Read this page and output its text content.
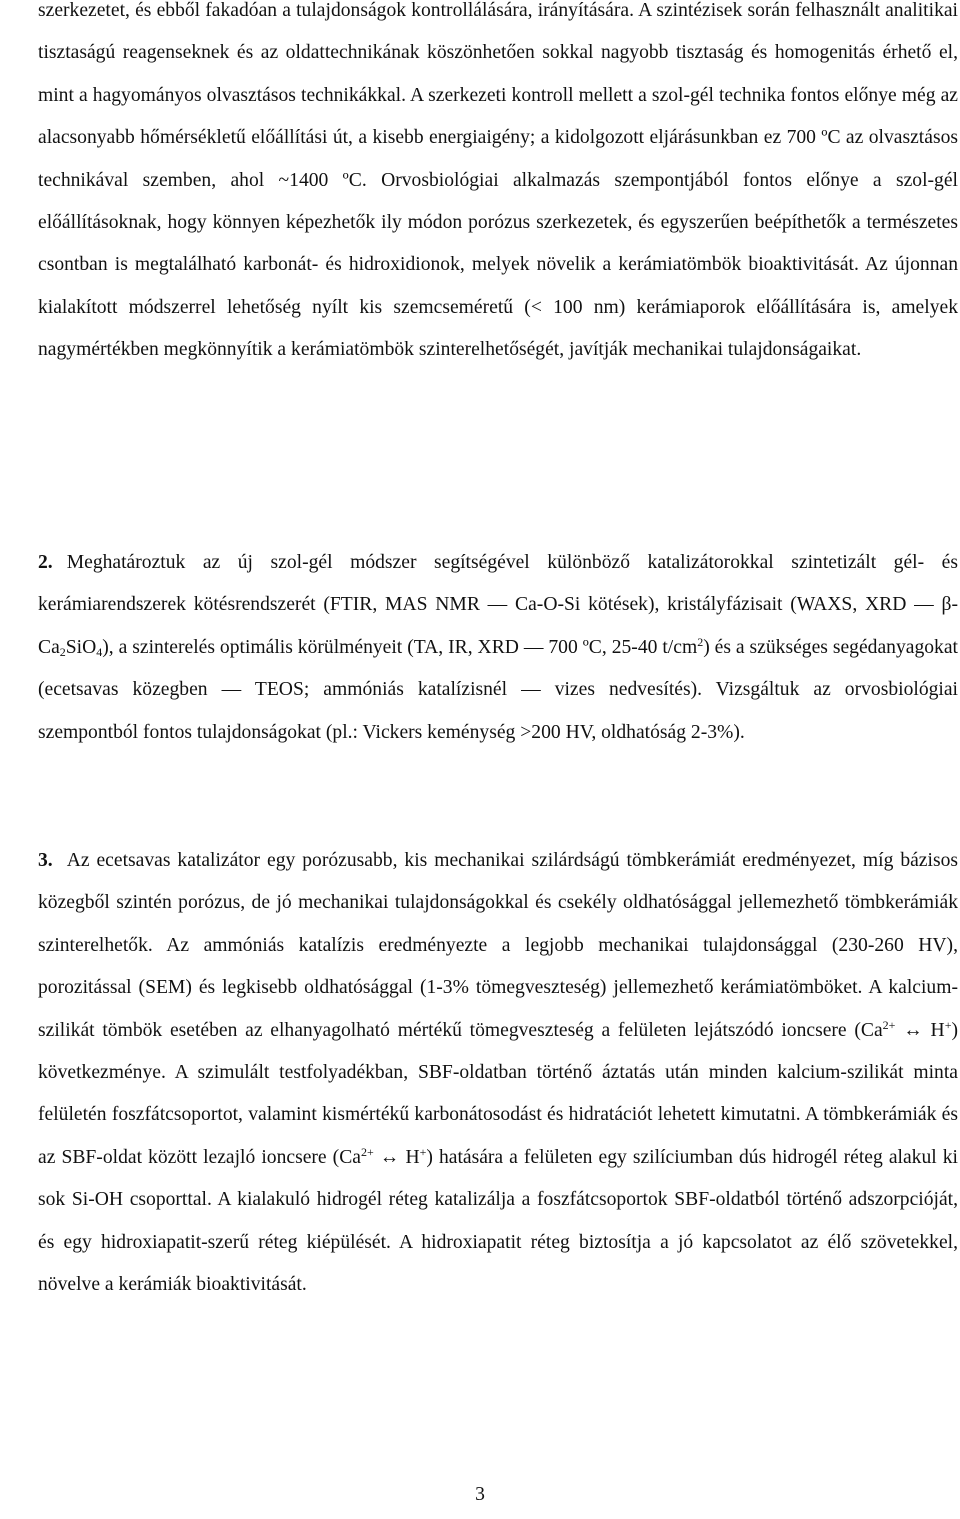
szerkezetet, és ebből fakadóan a tulajdonságok kontrollálására, irányítására. A szintézisek során felhasznált analitikai tisztaságú reagenseknek és az oldattechnikának köszönhetően sokkal nagyobb tisztaság és homogenitás érhető el, mint a hagyományos olvasztásos technikákkal. A szerkezeti kontroll mellett a szol-gél technika fontos előnye még az alacsonyabb hőmérsékletű előállítási út, a kisebb energiaigény; a kidolgozott eljárásunkban ez 700 ºC az olvasztásos technikával szemben, ahol ~1400 ºC. Orvosbiológiai alkalmazás szempontjából fontos előnye a szol-gél előállításoknak, hogy könnyen képezhetők ily módon porózus szerkezetek, és egyszerűen beépíthetők a természetes csontban is megtalálható karbonát- és hidroxidionok, melyek növelik a kerámiatömbök bioaktivitását. Az újonnan kialakított módszerrel lehetőség nyílt kis szemcseméretű (< 100 nm) kerámiaporok előállítására is, amelyek nagymértékben megkönnyítik a kerámiatömbök szinterelhetőségét, javítják mechanikai tulajdonságaikat.

2. Meghatároztuk az új szol-gél módszer segítségével különböző katalizátorokkal szintetizált gél- és kerámiarendszerek kötésrendszerét (FTIR, MAS NMR — Ca-O-Si kötések), kristályfázisait (WAXS, XRD — $\beta-Ca_2SiO_4$), a szinterelés optimális körülményeit (TA, IR, XRD — 700 ºC, 25-40 $t/cm^2$) és a szükséges segédanyagokat (ecetsavas közegben — TEOS; ammóniás katalízisnél — vizes nedvesítés). Vizsgáltuk az orvosbiológiai szempontból fontos tulajdonságokat (pl.: Vickers keménység >200 HV, oldhatóság 2-3%).

3. Az ecetsavas katalizátor egy porózusabb, kis mechanikai szilárdságú tömbkerámiát eredményezet, míg bázisos közegből szintén porózus, de jó mechanikai tulajdonságokkal és csekély oldhatósággal jellemezhető tömbkerámiák szinterelhetők. Az ammóniás katalízis eredményezte a legjobb mechanikai tulajdonsággal (230-260 HV), porozitással (SEM) és legkisebb oldhatósággal (1-3% tömegveszteség) jellemezhető kerámiatömböket. A kalcium-szilikát tömbök esetében az elhanyagolható mértékű tömegveszteség a felületen lejátszódó ioncsere ($Ca^{2+}$ ↔ H+) következménye. A szimulált testfolyadékban, SBF-oldatban történő áztatás után minden kalcium-szilikát minta felületén foszfátcsoportot, valamint kismértékű karbonátosodást és hidratációt lehetett kimutatni. A tömbkerámiák és az SBF-oldat között lezajló ioncsere ($Ca^{2+}$ ↔ H+) hatására a felületen egy szilíciumban dús hidrogél réteg alakul ki sok Si-OH csoporttal. A kialakuló hidrogél réteg katalizálja a foszfátcsoportok SBF-oldatból történő adszorpcióját, és egy hidroxiapatit-szerű réteg kiépülését. A hidroxiapatit réteg biztosítja a jó kapcsolatot az élő szövetekkel, növelve a kerámiák bioaktivitását.

3
